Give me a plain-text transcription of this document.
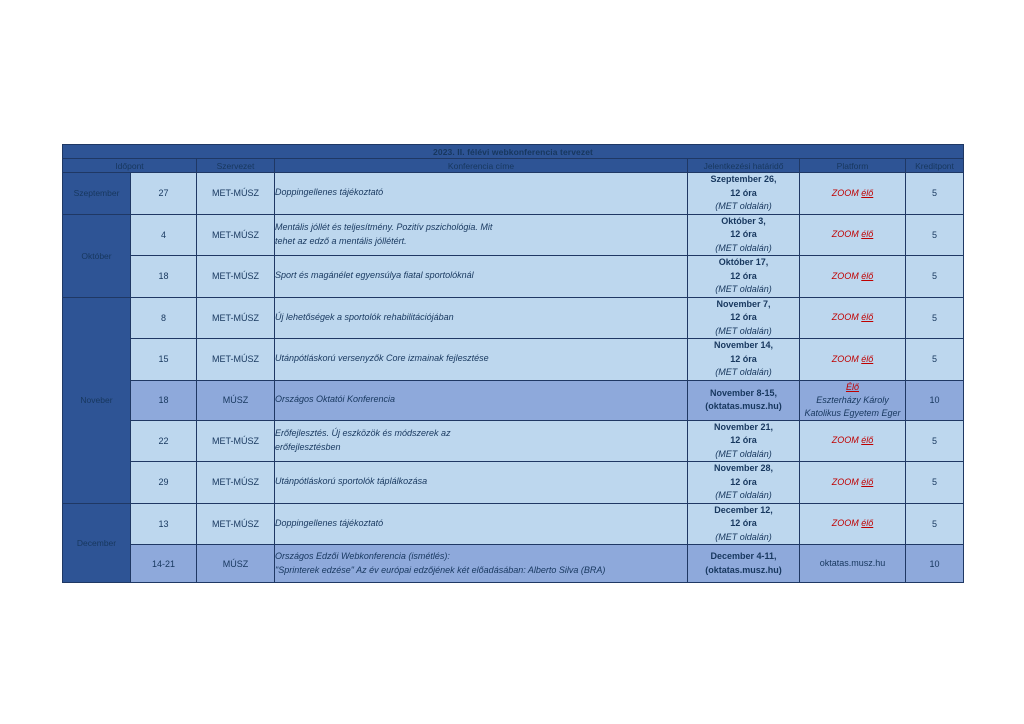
2023. II. félévi webkonferencia tervezet						
Időpont		Szervezet	Konferencia címe	Jelentkezési határidő	Platform	Kreditpont
Szeptember	27	MET-MÚSZ	Doppingellenes tájékoztató	Szeptember 26,
12 óra
(MET oldalán)	ZOOM élő	5
Október	4	MET-MÚSZ	Mentális jóllét és teljesítmény. Pozitív pszichológia. Mit
tehet az edző a mentális jóllétért.	Október 3,
12 óra
(MET oldalán)	ZOOM élő	5
	18	MET-MÚSZ	Sport és magánélet egyensúlya fiatal sportolóknál	Október 17,
12 óra
(MET oldalán)	ZOOM élő	5
Noveber	8	MET-MÚSZ	Új lehetőségek a sportolók rehabilitációjában	November 7,
12 óra
(MET oldalán)	ZOOM élő	5
	15	MET-MÚSZ	Utánpótláskorú versenyzők Core izmainak fejlesztése	November 14,
12 óra
(MET oldalán)	ZOOM élő	5
	18	MÚSZ	Országos Oktatói Konferencia	November 8-15,
(oktatas.musz.hu)	Élő
Eszterházy Károly Katolikus Egyetem Eger	10
	22	MET-MÚSZ	Erőfejlesztés. Új eszközök és módszerek az
erőfejlesztésben	November 21,
12 óra
(MET oldalán)	ZOOM élő	5
	29	MET-MÚSZ	Utánpótláskorú sportolók táplálkozása	November 28,
12 óra
(MET oldalán)	ZOOM élő	5
December	13	MET-MÚSZ	Doppingellenes tájékoztató	December 12,
12 óra
(MET oldalán)	ZOOM élő	5
	14-21	MÚSZ	Országos Edzői Webkonferencia (ismétlés):
"Sprinterek edzése" Az év európai edzőjének két előadásában: Alberto Silva (BRA)	December 4-11,
(oktatas.musz.hu)	oktatas.musz.hu	10
